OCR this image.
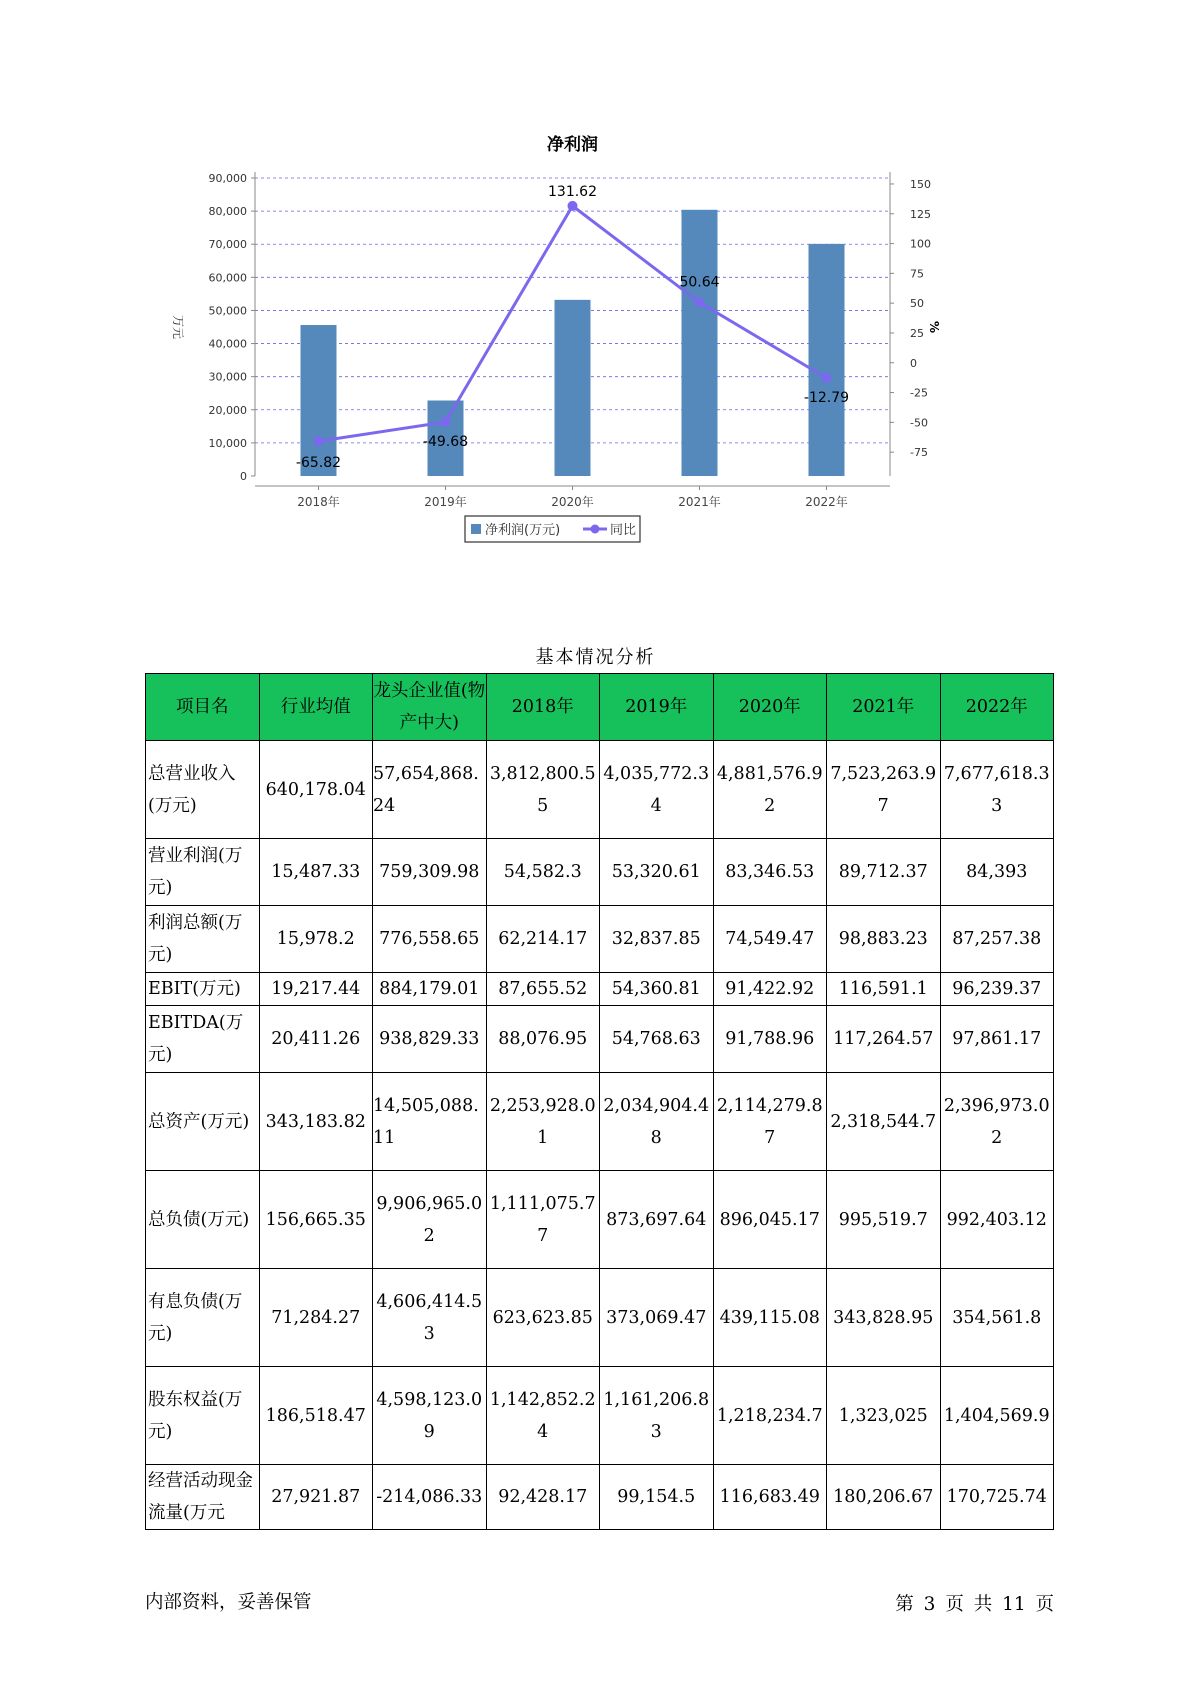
净利润
0
10,000
20,000
30,000
40,000
50,000
60,000
70,000
80,000
90,000
-75
-50
-25
0
25
50
75
100
125
150
万元	%
2018年	2019年	2020年	2021年	2022年
-65.82
-49.68
131.62
50.64
-12.79
净利润(万元)	同比
基本情况分析
项目名	行业均值	龙头企业值(物产中大)	2018年	2019年	2020年	2021年	2022年
总营业收入(万元)	640,178.04	57,654,868.24	3,812,800.55	4,035,772.34	4,881,576.92	7,523,263.97	7,677,618.33
营业利润(万元)	15,487.33	759,309.98	54,582.3	53,320.61	83,346.53	89,712.37	84,393
利润总额(万元)	15,978.2	776,558.65	62,214.17	32,837.85	74,549.47	98,883.23	87,257.38
EBIT(万元)	19,217.44	884,179.01	87,655.52	54,360.81	91,422.92	116,591.1	96,239.37
EBITDA(万元)	20,411.26	938,829.33	88,076.95	54,768.63	91,788.96	117,264.57	97,861.17
总资产(万元)	343,183.82	14,505,088.11	2,253,928.01	2,034,904.48	2,114,279.87	2,318,544.7	2,396,973.02
总负债(万元)	156,665.35	9,906,965.02	1,111,075.77	873,697.64	896,045.17	995,519.7	992,403.12
有息负债(万元)	71,284.27	4,606,414.53	623,623.85	373,069.47	439,115.08	343,828.95	354,561.8
股东权益(万元)	186,518.47	4,598,123.09	1,142,852.24	1,161,206.83	1,218,234.7	1,323,025	1,404,569.9
经营活动现金流量(万元	27,921.87	-214,086.33	92,428.17	99,154.5	116,683.49	180,206.67	170,725.74
内部资料，妥善保管	第 3 页 共 11 页
